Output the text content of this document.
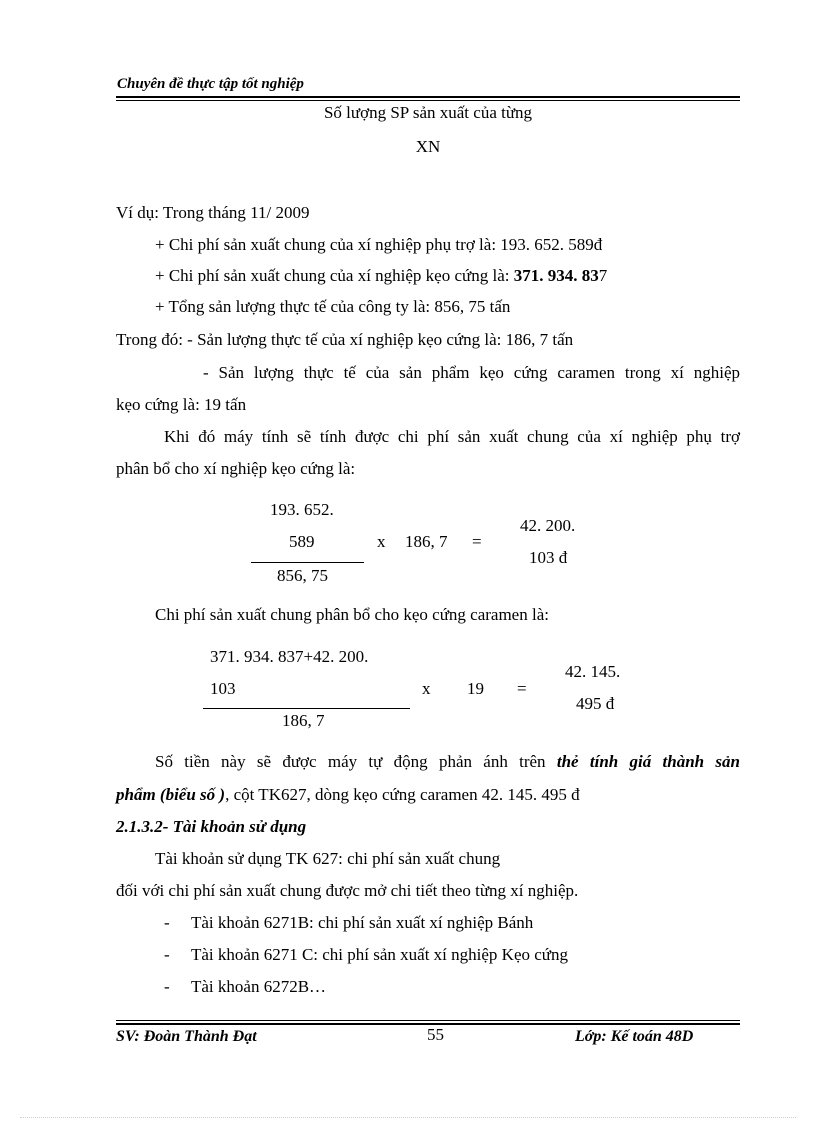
Chuyên đề thực tập tốt nghiệp
Số lượng SP sản xuất của từng
XN
Ví dụ: Trong tháng 11/ 2009
+ Chi phí sản xuất chung của xí nghiệp phụ trợ là: 193. 652. 589đ
+ Chi phí sản xuất chung của xí nghiệp kẹo cứng là: 371. 934. 837
+ Tổng sản lượng thực tế của công ty là: 856, 75 tấn
Trong đó: - Sản lượng thực tế của xí nghiệp kẹo cứng là: 186, 7 tấn
- Sản lượng thực tế của sản phẩm kẹo cứng caramen trong xí nghiệp
kẹo cứng là: 19 tấn
Khi đó máy tính sẽ tính được chi phí sản xuất chung của xí nghiệp phụ trợ
phân bổ cho xí nghiệp kẹo cứng là:
193. 652.
589
856, 75
x 186, 7 =
42. 200.
103 đ
Chi phí sản xuất chung phân bổ cho kẹo cứng caramen là:
371. 934. 837+42. 200.
103
186, 7
x 19 =
42. 145.
495 đ
Số tiền này sẽ được máy tự động phản ánh trên thẻ tính giá thành sản
phẩm (biểu số ), cột TK627, dòng kẹo cứng caramen 42. 145. 495 đ
2.1.3.2- Tài khoản sử dụng
Tài khoản sử dụng TK 627: chi phí sản xuất chung
đối với chi phí sản xuất chung được mở chi tiết theo từng xí nghiệp.
- Tài khoản 6271B: chi phí sản xuất xí nghiệp Bánh
- Tài khoản 6271 C: chi phí sản xuất xí nghiệp Kẹo cứng
- Tài khoản 6272B…
SV: Đoàn Thành Đạt	55	Lớp: Kế toán 48D
